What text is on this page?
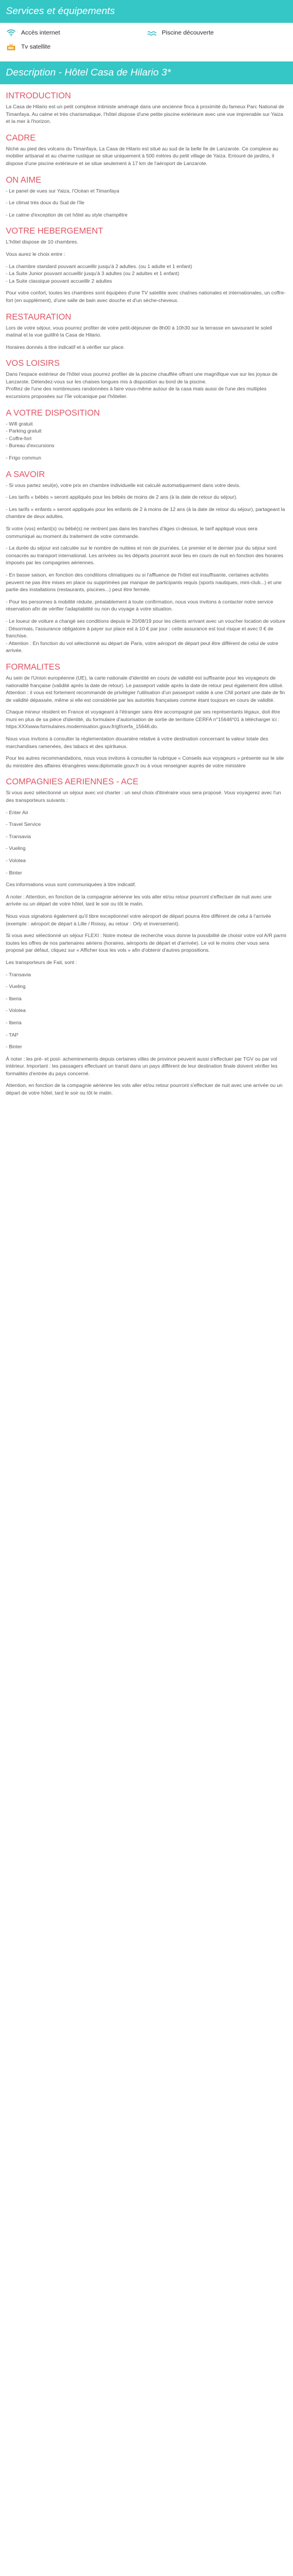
Services et équipements
Accès internet	Piscine découverte
Tv satellite
Description - Hôtel Casa de Hilario 3*
INTRODUCTION

La Casa de Hilario est un petit complexe intimiste aménagé dans une ancienne finca à proximité du fameux Parc National de Timanfaya. Au calme et très charismatique, l'hôtel dispose d'une petite piscine extérieure avec une vue imprenable sur Yaiza et la mer à l'horizon.

CADRE

Niché au pied des volcans du Timanfaya, La Casa de Hilario est situé au sud de la belle île de Lanzarote. Ce complexe au mobilier artisanal et au charme rustique se situe uniquement à 500 mètres du petit village de Yaiza. Entouré de jardins, il dispose d'une piscine extérieure et se situe seulement à 17 km de l'aéroport de Lanzarote.

ON AIME

- Le panel de vues sur Yaiza, l'Océan et Timanfaya

- Le climat très doux du Sud de l'île

- Le calme d'exception de cet hôtel au style champêtre

VOTRE HEBERGEMENT

L'hôtel dispose de 10 chambres.

Vous aurez le choix entre :

- La chambre standard pouvant accueillir jusqu'à 2 adultes. (ou 1 adulte et 1 enfant)
- La Suite Junior pouvant accueillir jusqu'à 3 adultes (ou 2 adultes et 1 enfant)
- La Suite classique pouvant accueillir 2 adultes

Pour votre confort, toutes les chambres sont équipées d'une TV satellite avec chaînes nationales et internationales, un coffre-fort (en supplément), d'une salle de bain avec douche et d'un sèche-cheveux.

RESTAURATION

Lors de votre séjour, vous pourrez profiter de votre petit-déjeuner de 8h00 à 10h30 sur la terrasse en savourant le soleil matinal et la vue guilifré la Casa de Hilario.

Horaires donnés à titre indicatif et à vérifier sur place.

VOS LOISIRS

Dans l'espace extérieur de l'hôtel vous pourrez profiter de la piscine chauffée offrant une magnifique vue sur les joyaux de Lanzarote. Détendez-vous sur les chaises longues mis à disposition au bord de la piscine.
Profitez de l'une des nombreuses randonnées à faire vous-même autour de la casa mais aussi de l'une des multiples excursions proposées sur l'île volcanique par l'hôtelier.

A VOTRE DISPOSITION

- Wifi gratuit
- Parking gratuit
- Coffre-fort
- Bureau d'excursions

- Frigo commun

A SAVOIR

- Si vous partez seul(e), votre prix en chambre individuelle est calculé automatiquement dans votre devis.

- Les tarifs « bébés » seront appliqués pour les bébés de moins de 2 ans (à la date de retour du séjour).

- Les tarifs « enfants » seront appliqués pour les enfants de 2 à moins de 12 ans (à la date de retour du séjour), partageant la chambre de deux adultes.

Si votre (vos) enfant(s) ou bébé(s) ne rentrent pas dans les tranches d'âges ci-dessus, le tarif appliqué vous sera communiqué au moment du traitement de votre commande.

- La durée du séjour est calculée sur le nombre de nuitées et non de journées. Le premier et le dernier jour du séjour sont consacrés au transport international. Les arrivées ou les départs pourront avoir lieu en cours de nuit en fonction des horaires imposés par les compagnies aériennes.

- En basse saison, en fonction des conditions climatiques ou si l'affluence de l'hôtel est insuffisante, certaines activités peuvent ne pas être mises en place ou supprimées par manque de participants requis (sports nautiques, mini-club...) et une partie des installations (restaurants, piscines...) peut être fermée.

- Pour les personnes à mobilité réduite, préalablement à toute confirmation, nous vous invitons à contacter notre service réservation afin de vérifier l'adaptabilité ou non du voyage à votre situation.

- Le loueur de voiture a changé ses conditions depuis le 20/08/19 pour les clients arrivant avec un voucher location de voiture : Désormais, l'assurance obligatoire à payer sur place est à 10 € par jour : cette assurance est tout risque et avec 0 € de franchise.
- Attention : En fonction du vol sélectionné au départ de Paris, votre aéroport de départ peut être différent de celui de votre arrivée.

FORMALITES

Au sein de l'Union européenne (UE), la carte nationale d'identité en cours de validité est suffisante pour les voyageurs de nationalité française (validité après la date de retour). Le passeport valide après la date de retour peut également être utilisé. Attention : il vous est fortement recommandé de privilégier l'utilisation d'un passeport valide à une CNI portant une date de fin de validité dépassée, même si elle est considérée par les autorités françaises comme étant toujours en cours de validité.

Chaque mineur résident en France et voyageant à l'étranger sans être accompagné par ses représentants légaux, doit être muni en plus de sa pièce d'identité, du formulaire d'autorisation de sortie de territoire CERFA n°15646*01 à télécharger ici : https:XXXwww.formulaires.modernisation.gouv.fr/gf/cerfa_15646.do.

Nous vous invitons à consulter la réglementation douanière relative à votre destination concernant la valeur totale des marchandises ramenées, des tabacs et des spiritueux.

Pour les autres recommandations, nous vous invitons à consulter la rubrique « Conseils aux voyageurs » présente sur le site du ministère des affaires étrangères www.diplomatie.gouv.fr ou à vous renseigner auprès de votre ministère

COMPAGNIES AERIENNES - ACE

Si vous avez sélectionné un séjour avec vol charter : un seul choix d'itinéraire vous sera proposé. Vous voyagerez avec l'un des transporteurs suivants :

- Enter Air

- Travel Service

- Transavia

- Vueling

- Volotea

- Binter

Ces informations vous sont communiquées à titre indicatif.

A noter : Attention, en fonction de la compagnie aérienne les vols aller et/ou retour pourront s'effectuer de nuit avec une arrivée ou un départ de votre hôtel, tard le soir ou tôt le matin.

Nous vous signalons également qu'il tibre exceptionnel votre aéroport de départ pourra être différent de celui à l'arrivée (exemple : aéroport de départ à Lille / Roissy, au retour : Orly et inversement).

Si vous avez sélectionné un séjour FLEXI : Notre moteur de recherche vous donne la possibilité de choisir votre vol A/R parmi toutes les offres de nos partenaires aériens (horaires, aéroports de départ et d'arrivée). Le vol le moins cher vous sera proposé par défaut, cliquez sur « Afficher tous les vols » afin d'obtenir d'autres propositions.

Les transporteurs de Fait, sont :

- Transavia

- Vueling

- Iberia

- Volotea

- Iberia

- TAP

- Binter

À noter : les pré- et post- acheminements depuis certaines villes de province peuvent aussi s'effectuer par TGV ou par vol intérieur. Important : les passagers effectuant un transit dans un pays différent de leur destination finale doivent vérifier les formalités d'entrée du pays concerné.

Attention, en fonction de la compagnie aérienne les vols aller et/ou retour pourront s'effectuer de nuit avec une arrivée ou un départ de votre hôtel, tard le soir ou tôt le matin.
